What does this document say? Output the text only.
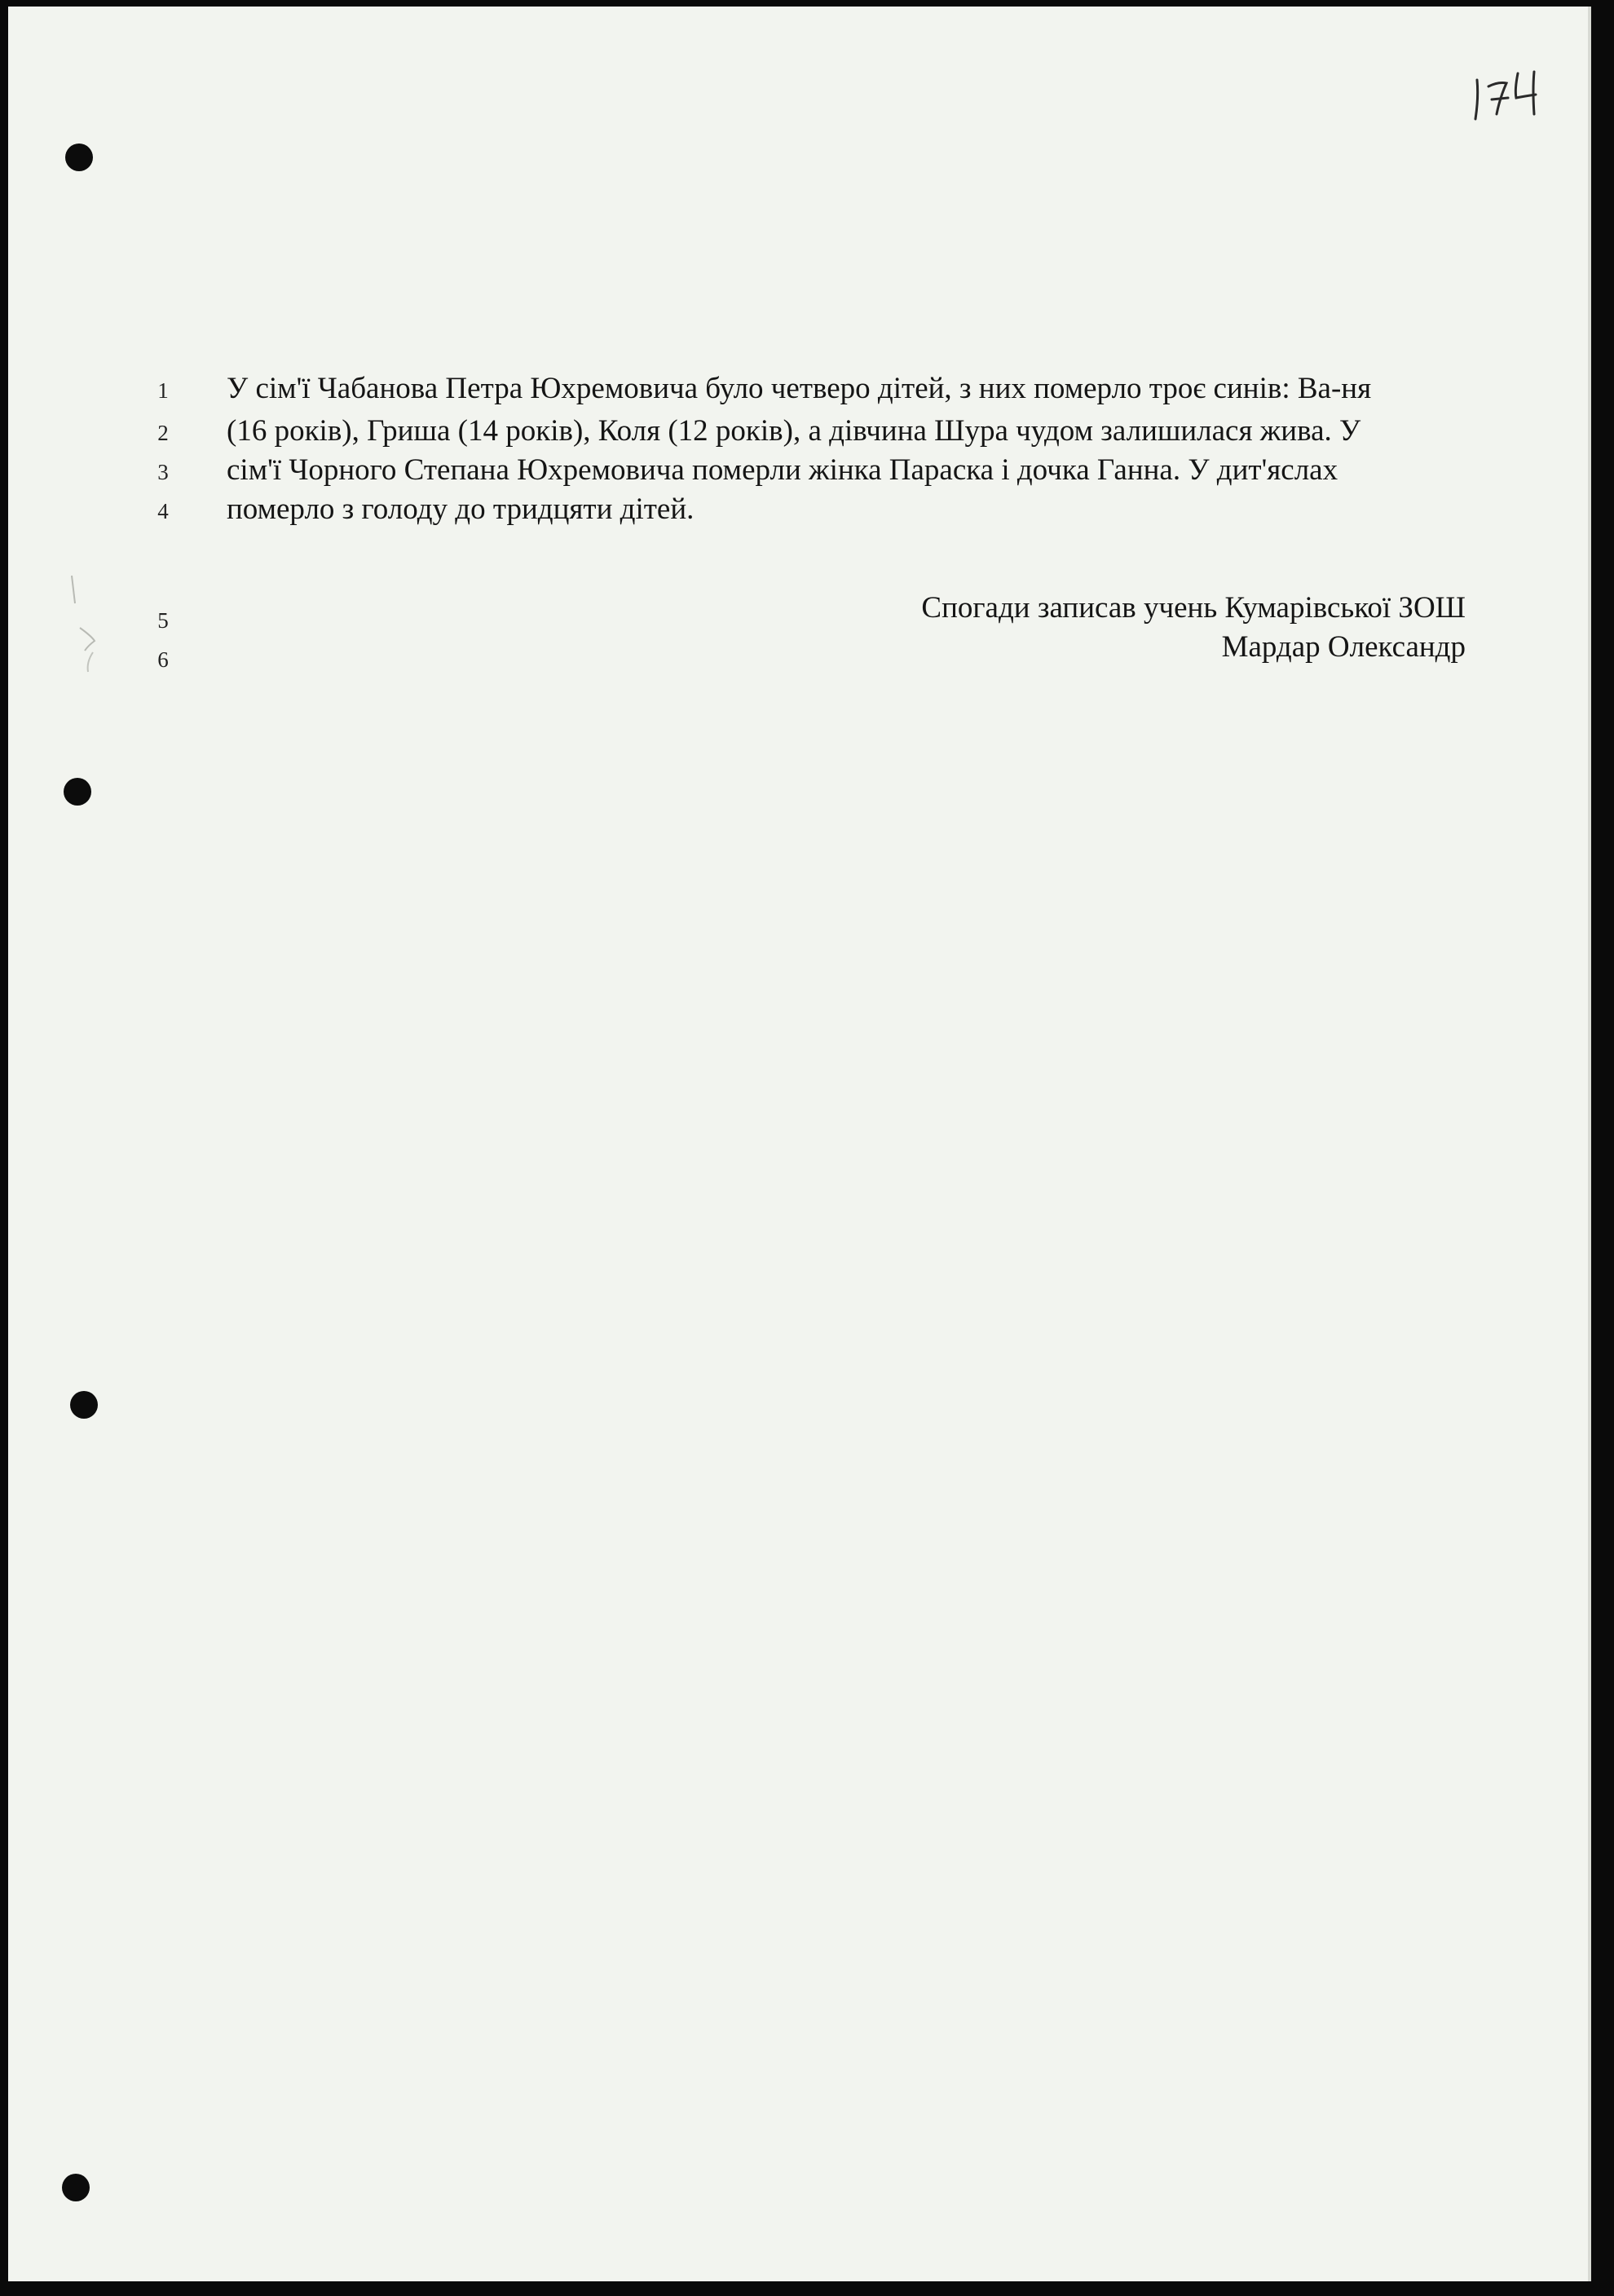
1	У сім'ї Чабанова Петра Юхремовича було четверо дітей, з них померло троє синів: Ва-ня
2	(16 років), Гриша (14 років), Коля (12 років), а дівчина Шура чудом залишилася жива. У
3	сім'ї Чорного Степана Юхремовича померли жінка Параска і дочка Ганна. У дит'яслах
4	померло з голоду до тридцяти дітей.
5	Спогади записав учень Кумарівської ЗОШ
6	Мардар Олександр
